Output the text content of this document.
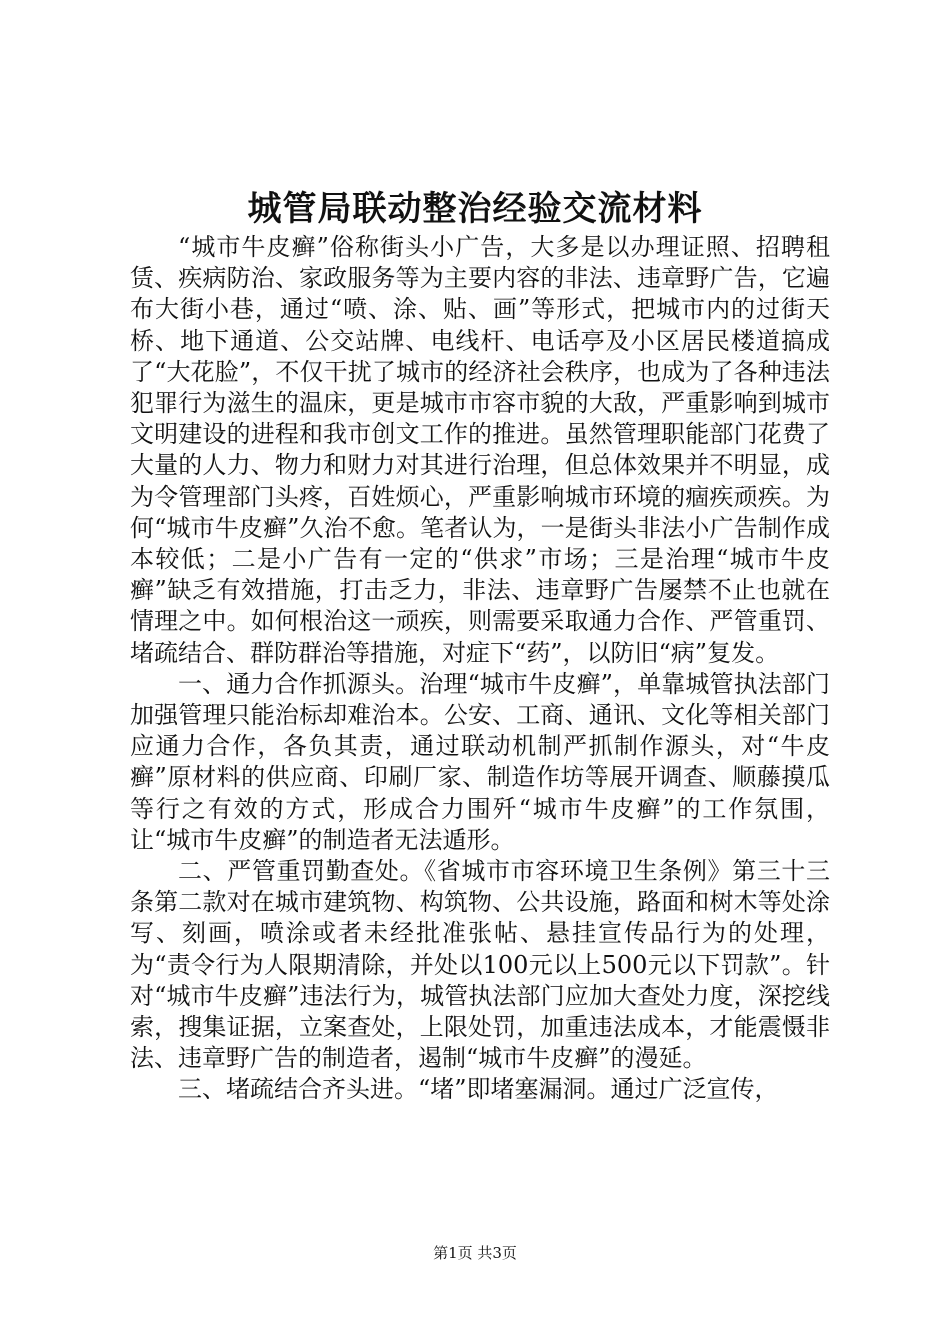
城管局联动整治经验交流材料

“城市牛皮癣”俗称街头小广告，大多是以办理证照、招聘租赁、疾病防治、家政服务等为主要内容的非法、违章野广告，它遍布大街小巷，通过“喷、涂、贴、画”等形式，把城市内的过街天桥、地下通道、公交站牌、电线杆、电话亭及小区居民楼道搞成了“大花脸”，不仅干扰了城市的经济社会秩序，也成为了各种违法犯罪行为滋生的温床，更是城市市容市貌的大敌，严重影响到城市文明建设的进程和我市创文工作的推进。虽然管理职能部门花费了大量的人力、物力和财力对其进行治理，但总体效果并不明显，成为令管理部门头疼，百姓烦心，严重影响城市环境的痼疾顽疾。为何“城市牛皮癣”久治不愈。笔者认为，一是街头非法小广告制作成本较低；二是小广告有一定的“供求”市场；三是治理“城市牛皮癣”缺乏有效措施，打击乏力，非法、违章野广告屡禁不止也就在情理之中。如何根治这一顽疾，则需要采取通力合作、严管重罚、堵疏结合、群防群治等措施，对症下“药”，以防旧“病”复发。

一、通力合作抓源头。治理“城市牛皮癣”，单靠城管执法部门加强管理只能治标却难治本。公安、工商、通讯、文化等相关部门应通力合作，各负其责，通过联动机制严抓制作源头，对“牛皮癣”原材料的供应商、印刷厂家、制造作坊等展开调查、顺藤摸瓜等行之有效的方式，形成合力围歼“城市牛皮癣”的工作氛围，让“城市牛皮癣”的制造者无法遁形。

二、严管重罚勤查处。《省城市市容环境卫生条例》第三十三条第二款对在城市建筑物、构筑物、公共设施，路面和树木等处涂写、刻画，喷涂或者未经批准张帖、悬挂宣传品行为的处理，为“责令行为人限期清除，并处以100元以上500元以下罚款”。针对“城市牛皮癣”违法行为，城管执法部门应加大查处力度，深挖线索，搜集证据，立案查处，上限处罚，加重违法成本，才能震慑非法、违章野广告的制造者，遏制“城市牛皮癣”的漫延。

三、堵疏结合齐头进。“堵”即堵塞漏洞。通过广泛宣传，

第1页 共3页
